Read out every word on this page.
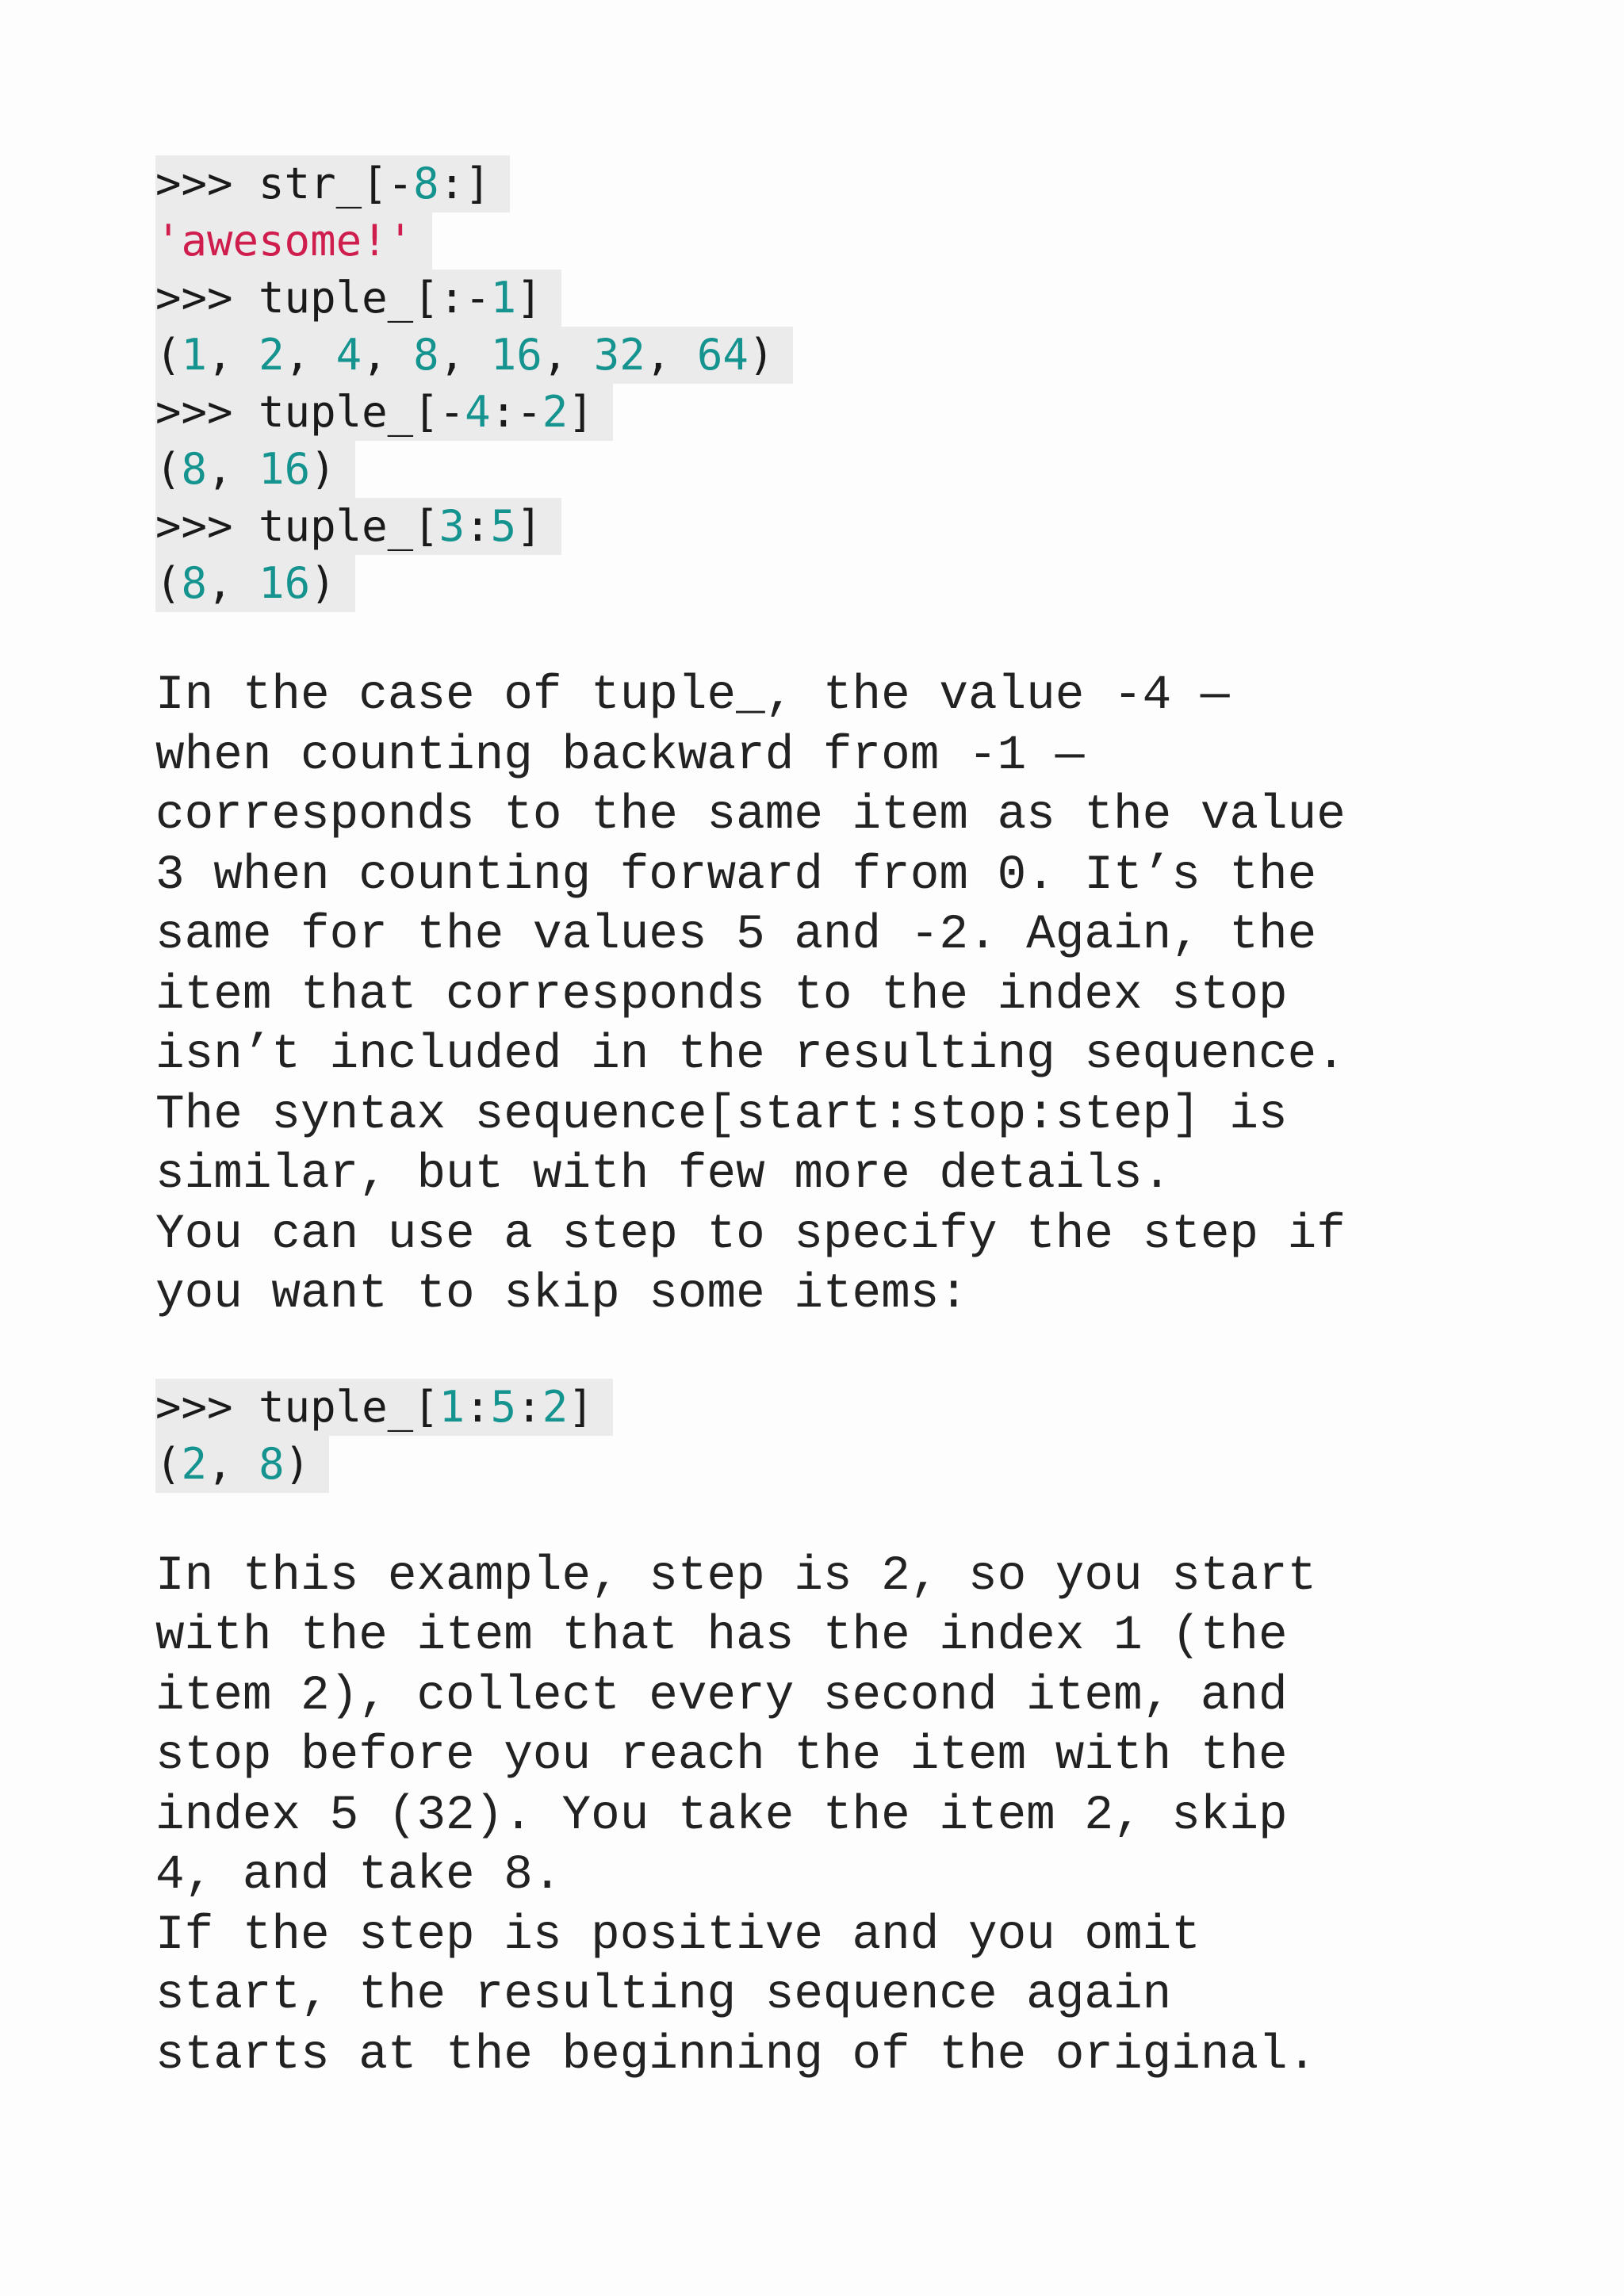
>>> str_[-8:]
'awesome!'
>>> tuple_[:-1]
(1, 2, 4, 8, 16, 32, 64)
>>> tuple_[-4:-2]
(8, 16)
>>> tuple_[3:5]
(8, 16)
In the case of tuple_, the value -4 —
when counting backward from -1 —
corresponds to the same item as the value
3 when counting forward from 0. It’s the
same for the values 5 and -2. Again, the
item that corresponds to the index stop
isn’t included in the resulting sequence.
The syntax sequence[start:stop:step] is
similar, but with few more details.
You can use a step to specify the step if
you want to skip some items:
>>> tuple_[1:5:2]
(2, 8)
In this example, step is 2, so you start
with the item that has the index 1 (the
item 2), collect every second item, and
stop before you reach the item with the
index 5 (32). You take the item 2, skip
4, and take 8.
If the step is positive and you omit
start, the resulting sequence again
starts at the beginning of the original.
